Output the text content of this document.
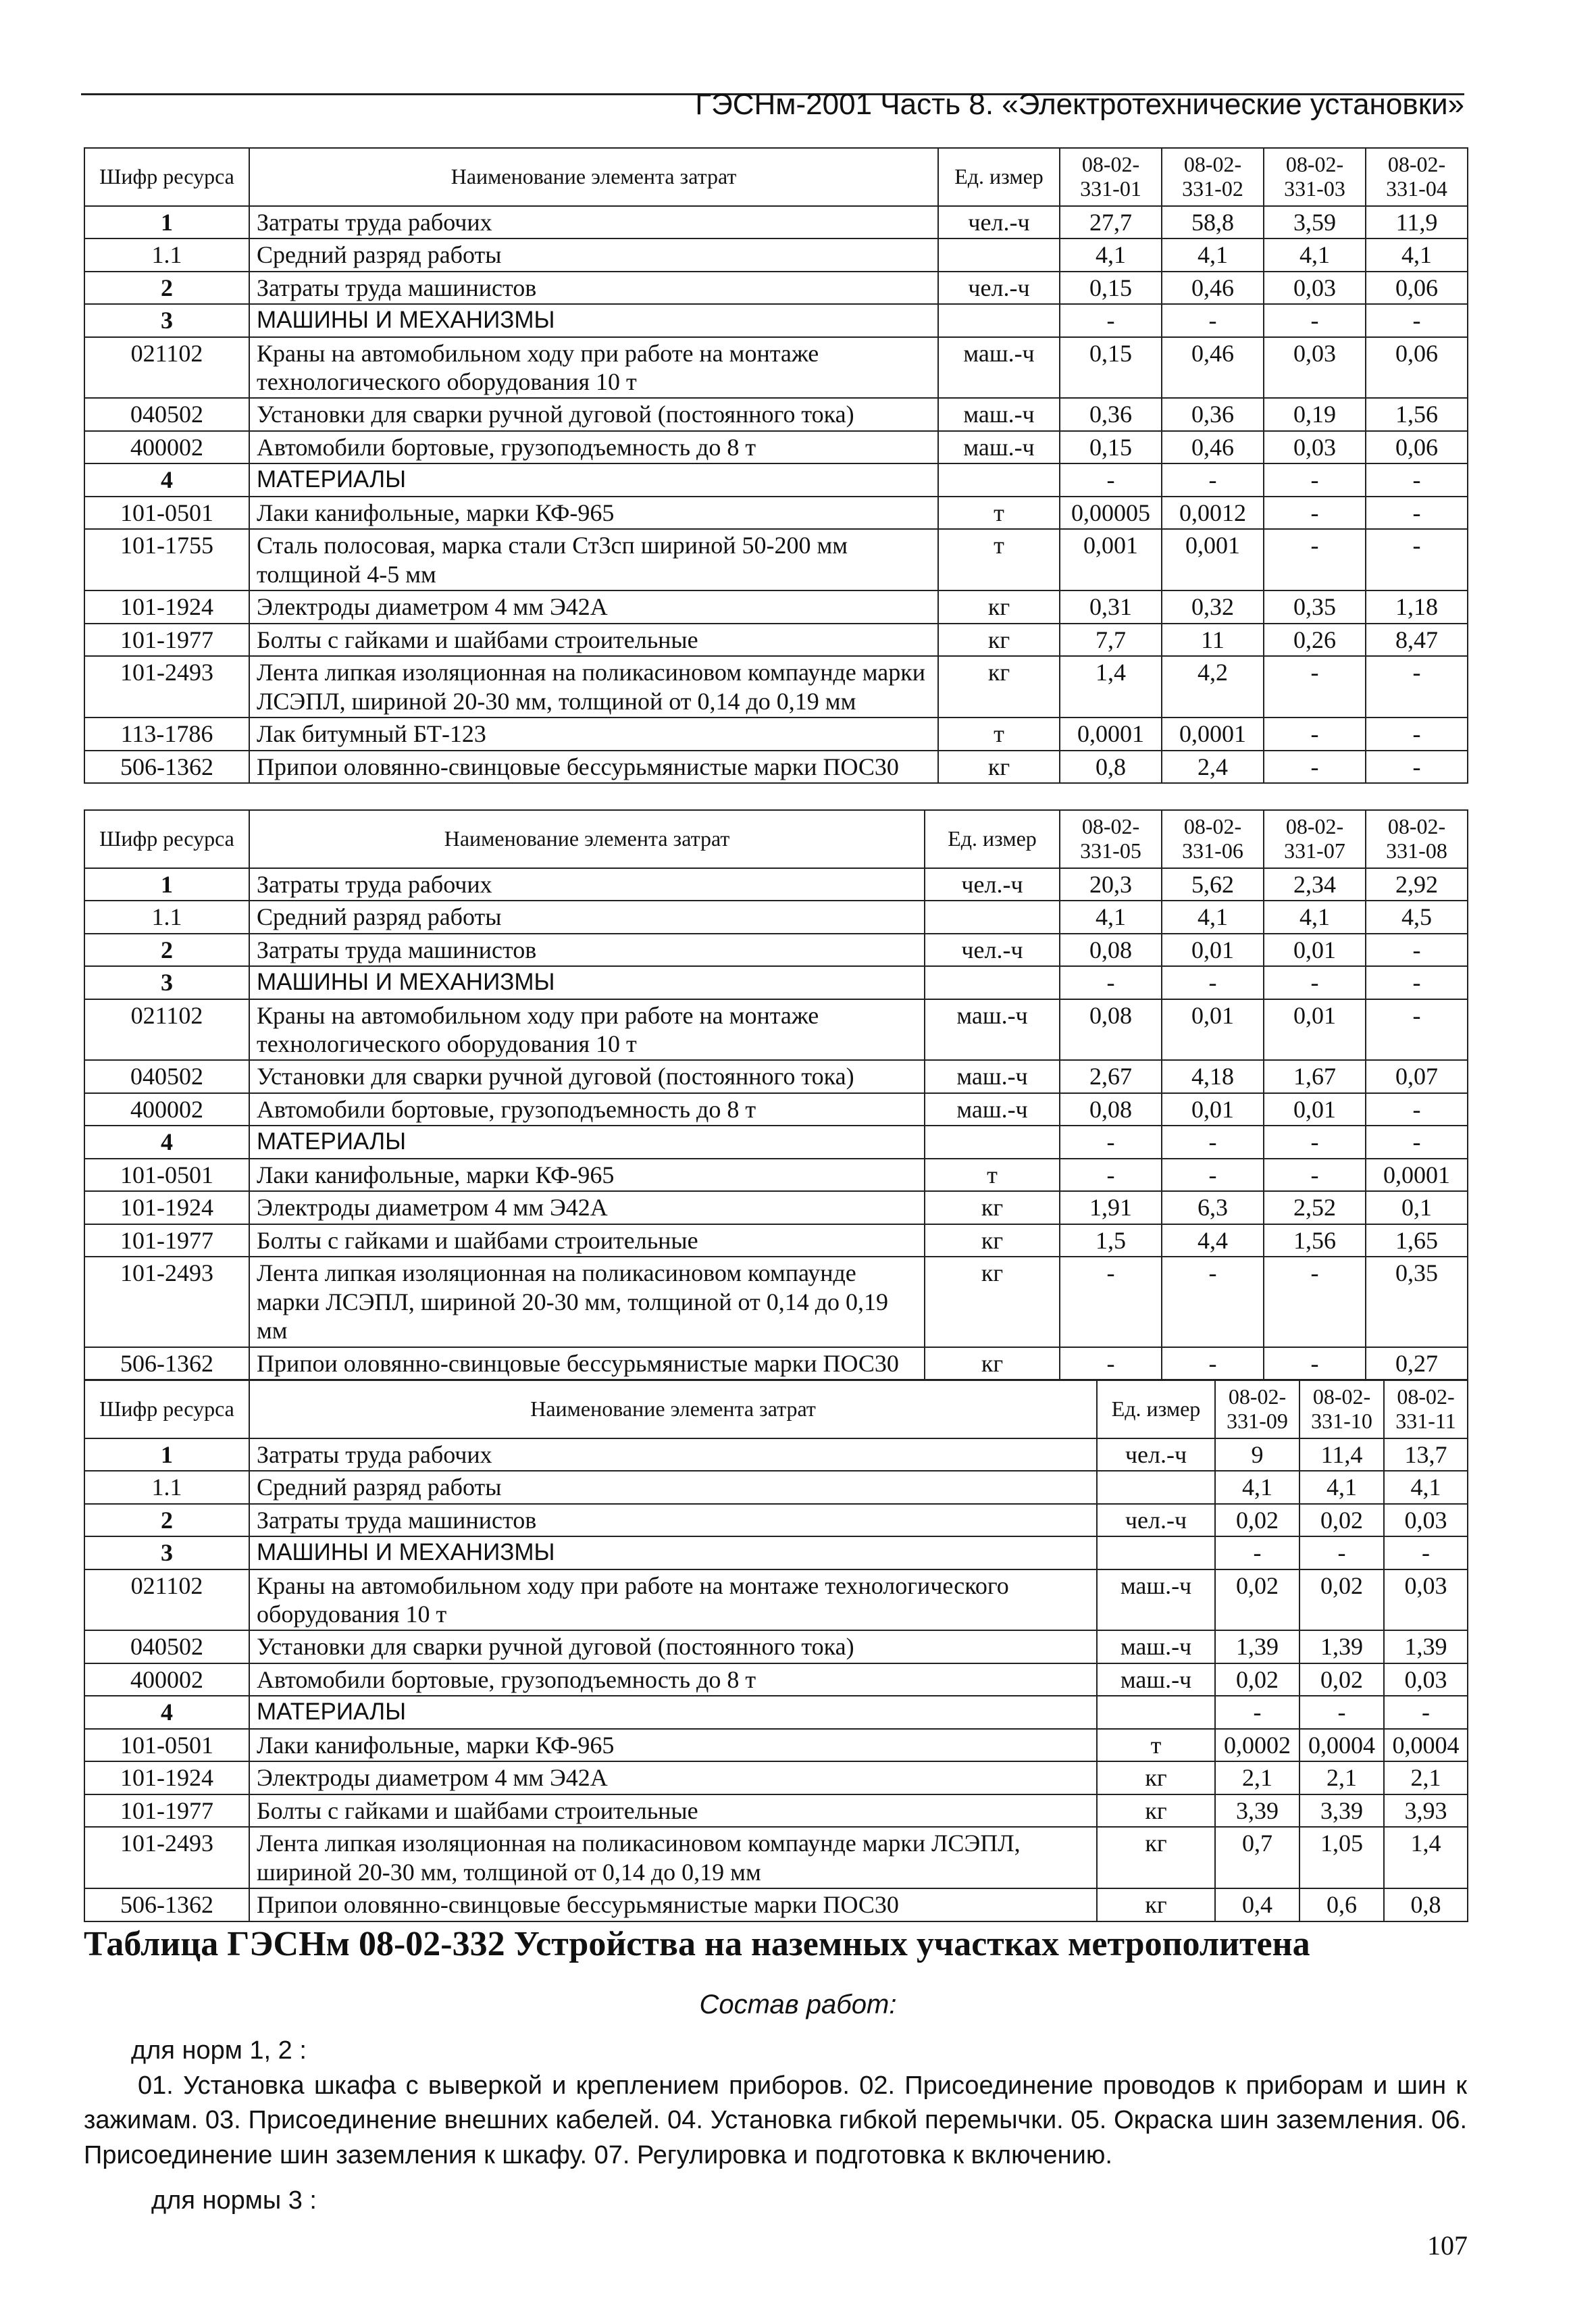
ГЭСНм-2001 Часть 8. «Электротехнические установки»
Шифр ресурса	Наименование элемента затрат	Ед. измер	08-02-331-01	08-02-331-02	08-02-331-03	08-02-331-04
1	Затраты труда рабочих	чел.-ч	27,7	58,8	3,59	11,9
1.1	Средний разряд работы		4,1	4,1	4,1	4,1
2	Затраты труда машинистов	чел.-ч	0,15	0,46	0,03	0,06
3	МАШИНЫ И МЕХАНИЗМЫ		-	-	-	-
021102	Краны на автомобильном ходу при работе на монтаже технологического оборудования 10 т	маш.-ч	0,15	0,46	0,03	0,06
040502	Установки для сварки ручной дуговой (постоянного тока)	маш.-ч	0,36	0,36	0,19	1,56
400002	Автомобили бортовые, грузоподъемность до 8 т	маш.-ч	0,15	0,46	0,03	0,06
4	МАТЕРИАЛЫ		-	-	-	-
101-0501	Лаки канифольные, марки КФ-965	т	0,00005	0,0012	-	-
101-1755	Сталь полосовая, марка стали Ст3сп шириной 50-200 мм толщиной 4-5 мм	т	0,001	0,001	-	-
101-1924	Электроды диаметром 4 мм Э42А	кг	0,31	0,32	0,35	1,18
101-1977	Болты с гайками и шайбами строительные	кг	7,7	11	0,26	8,47
101-2493	Лента липкая изоляционная на поликасиновом компаунде марки ЛСЭПЛ, шириной 20-30 мм, толщиной от 0,14 до 0,19 мм	кг	1,4	4,2	-	-
113-1786	Лак битумный БТ-123	т	0,0001	0,0001	-	-
506-1362	Припои оловянно-свинцовые бессурьмянистые марки ПОС30	кг	0,8	2,4	-	-
Шифр ресурса	Наименование элемента затрат	Ед. измер	08-02-331-05	08-02-331-06	08-02-331-07	08-02-331-08
1	Затраты труда рабочих	чел.-ч	20,3	5,62	2,34	2,92
1.1	Средний разряд работы		4,1	4,1	4,1	4,5
2	Затраты труда машинистов	чел.-ч	0,08	0,01	0,01	-
3	МАШИНЫ И МЕХАНИЗМЫ		-	-	-	-
021102	Краны на автомобильном ходу при работе на монтаже технологического оборудования 10 т	маш.-ч	0,08	0,01	0,01	-
040502	Установки для сварки ручной дуговой (постоянного тока)	маш.-ч	2,67	4,18	1,67	0,07
400002	Автомобили бортовые, грузоподъемность до 8 т	маш.-ч	0,08	0,01	0,01	-
4	МАТЕРИАЛЫ		-	-	-	-
101-0501	Лаки канифольные, марки КФ-965	т	-	-	-	0,0001
101-1924	Электроды диаметром 4 мм Э42А	кг	1,91	6,3	2,52	0,1
101-1977	Болты с гайками и шайбами строительные	кг	1,5	4,4	1,56	1,65
101-2493	Лента липкая изоляционная на поликасиновом компаунде марки ЛСЭПЛ, шириной 20-30 мм, толщиной от 0,14 до 0,19 мм	кг	-	-	-	0,35
506-1362	Припои оловянно-свинцовые бессурьмянистые марки ПОС30	кг	-	-	-	0,27
Шифр ресурса	Наименование элемента затрат	Ед. измер	08-02-331-09	08-02-331-10	08-02-331-11
1	Затраты труда рабочих	чел.-ч	9	11,4	13,7
1.1	Средний разряд работы		4,1	4,1	4,1
2	Затраты труда машинистов	чел.-ч	0,02	0,02	0,03
3	МАШИНЫ И МЕХАНИЗМЫ		-	-	-
021102	Краны на автомобильном ходу при работе на монтаже технологического оборудования 10 т	маш.-ч	0,02	0,02	0,03
040502	Установки для сварки ручной дуговой (постоянного тока)	маш.-ч	1,39	1,39	1,39
400002	Автомобили бортовые, грузоподъемность до 8 т	маш.-ч	0,02	0,02	0,03
4	МАТЕРИАЛЫ		-	-	-
101-0501	Лаки канифольные, марки КФ-965	т	0,0002	0,0004	0,0004
101-1924	Электроды диаметром 4 мм Э42А	кг	2,1	2,1	2,1
101-1977	Болты с гайками и шайбами строительные	кг	3,39	3,39	3,93
101-2493	Лента липкая изоляционная на поликасиновом компаунде марки ЛСЭПЛ, шириной 20-30 мм, толщиной от 0,14 до 0,19 мм	кг	0,7	1,05	1,4
506-1362	Припои оловянно-свинцовые бессурьмянистые марки ПОС30	кг	0,4	0,6	0,8
Таблица ГЭСНм 08-02-332 Устройства на наземных участках метрополитена
Состав работ:
для норм 1, 2 :
01. Установка шкафа с выверкой и креплением приборов. 02. Присоединение проводов к приборам и шин к зажимам. 03. Присоединение внешних кабелей. 04. Установка гибкой перемычки. 05. Окраска шин заземления. 06. Присоединение шин заземления к шкафу. 07. Регулировка и подготовка к включению.
для нормы 3 :
107
